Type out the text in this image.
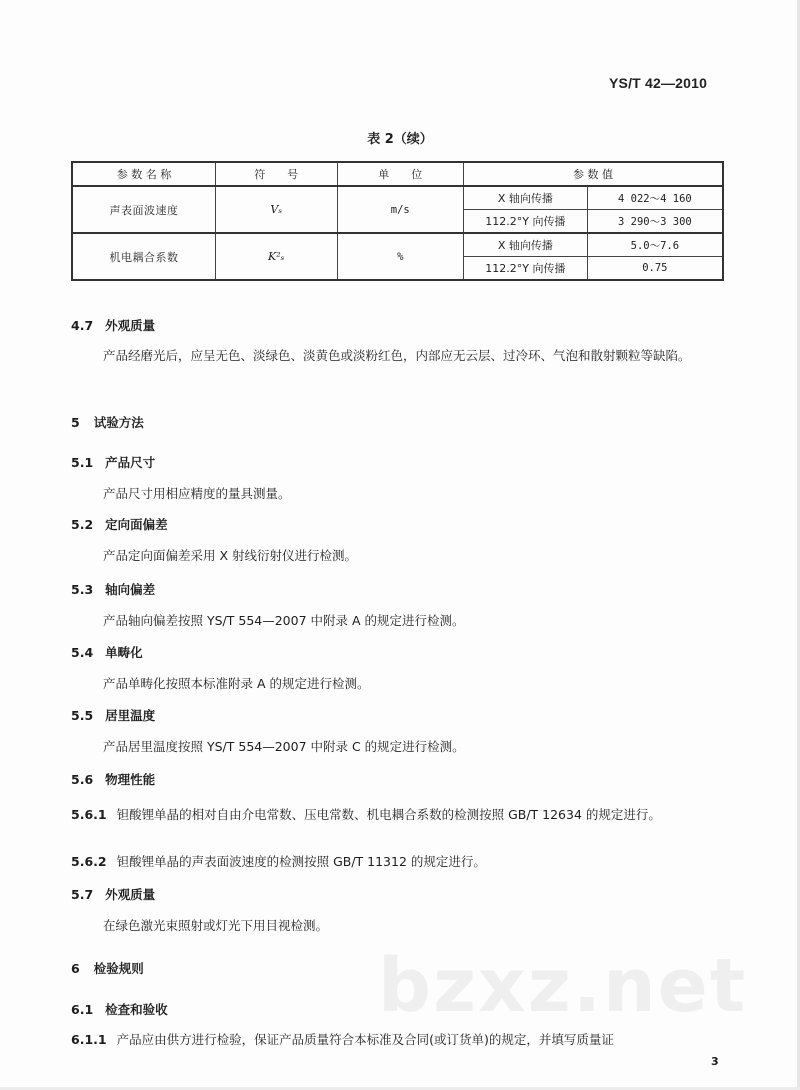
YS/T 42—2010
表 2（续）
参 数 名 称	符　　号	单　　位	参 数 值	
声表面波速度	Vₛ	m/s	X 轴向传播	4 022～4 160
			112.2°Y 向传播	3 290～3 300
机电耦合系数	K²ₛ	%	X 轴向传播	5.0～7.6
			112.2°Y 向传播	0.75
4.7 外观质量
产品经磨光后，应呈无色、淡绿色、淡黄色或淡粉红色，内部应无云层、过冷环、气泡和散射颗粒等缺陷。
5 试验方法
5.1 产品尺寸
产品尺寸用相应精度的量具测量。
5.2 定向面偏差
产品定向面偏差采用 X 射线衍射仪进行检测。
5.3 轴向偏差
产品轴向偏差按照 YS/T 554—2007 中附录 A 的规定进行检测。
5.4 单畴化
产品单畴化按照本标准附录 A 的规定进行检测。
5.5 居里温度
产品居里温度按照 YS/T 554—2007 中附录 C 的规定进行检测。
5.6 物理性能
5.6.1 钽酸锂单晶的相对自由介电常数、压电常数、机电耦合系数的检测按照 GB/T 12634 的规定进行。
5.6.2 钽酸锂单晶的声表面波速度的检测按照 GB/T 11312 的规定进行。
5.7 外观质量
在绿色激光束照射或灯光下用目视检测。
bzxz.net
6 检验规则
6.1 检查和验收
6.1.1 产品应由供方进行检验，保证产品质量符合本标准及合同(或订货单)的规定，并填写质量证
3
